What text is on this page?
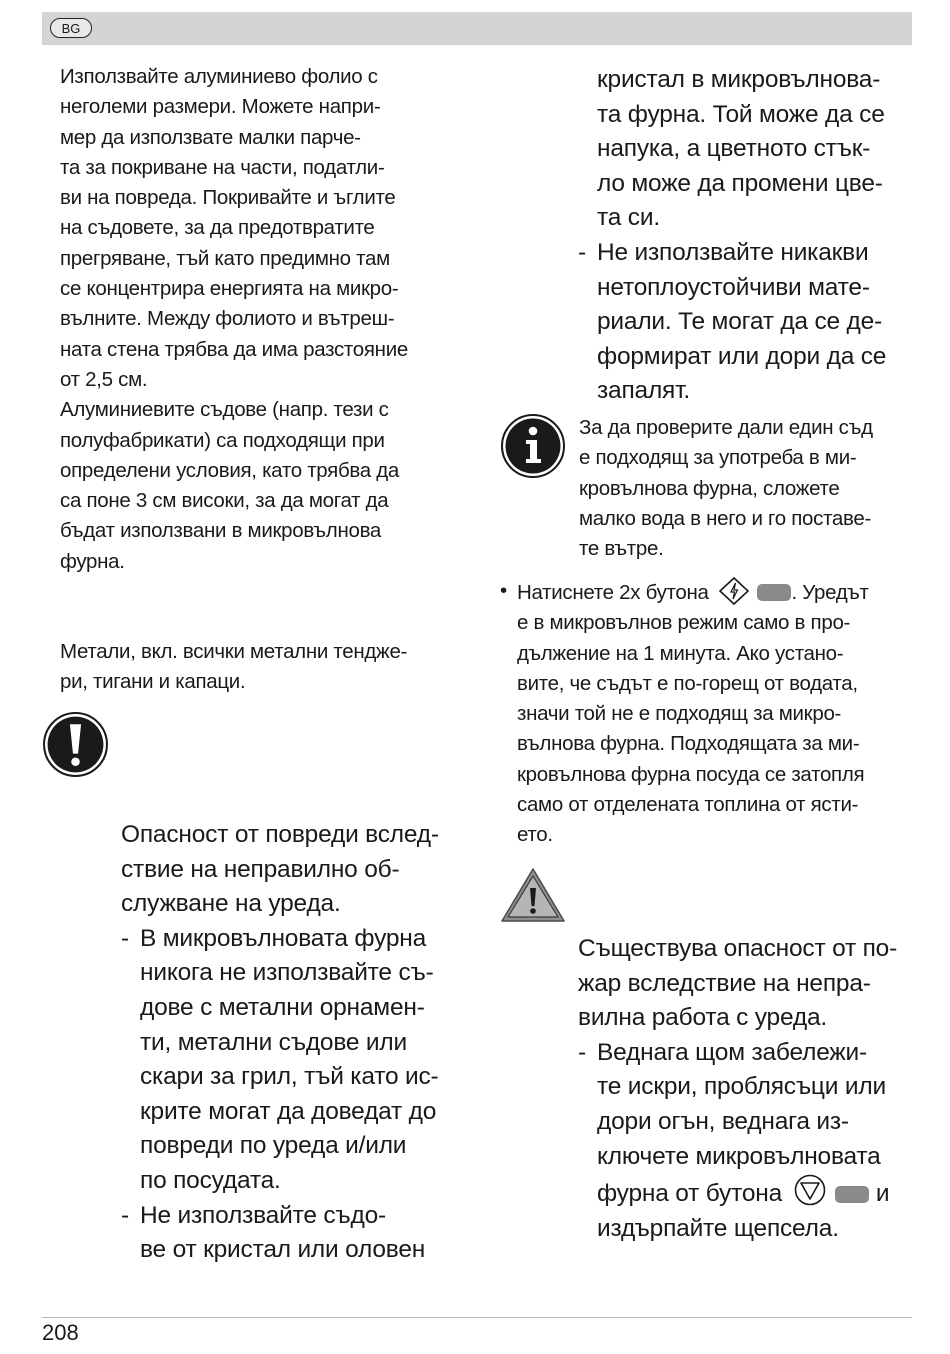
BG

Използвайте алуминиево фолио с
неголеми размери. Можете напри-
мер да използвате малки парче-
та за покриване на части, податли-
ви на повреда. Покривайте и ъглите
на съдовете, за да предотвратите
прегряване, тъй като предимно там
се концентрира енергията на микро-
вълните. Между фолиото и вътреш-
ната стена трябва да има разстояние
от 2,5 см.

Алуминиевите съдове (напр. тези с
полуфабрикати) са подходящи при
определени условия, като трябва да
са поне 3 см високи, за да могат да
бъдат използвани в микровълнова
фурна.

Метали, вкл. всички метални тендже-
ри, тигани и капаци.

Опасност от повреди вслед-
ствие на неправилно об-
служване на уреда.

- В микровълновата фурна
никога не използвайте съ-
дове с метални орнамен-
ти, метални съдове или
скари за грил, тъй като ис-
крите могат да доведат до
повреди по уреда и/или
по посудата.
- Не използвайте съдо-
ве от кристал или оловен

кристал в микровълнова-
та фурна. Той може да се
напука, а цветното стък-
ло може да промени цве-
та си.

- Не използвайте никакви
нетоплоустойчиви мате-
риали. Те могат да се де-
формират или дори да се
запалят.

За да проверите дали един съд
е подходящ за употреба в ми-
кровълнова фурна, сложете
малко вода в него и го поставе-
те вътре.

• Натиснете 2x бутона	. Уредът
е в микровълнов режим само в про-
дължение на 1 минута. Ако устано-
вите, че съдът е по-горещ от водата,
значи той не е подходящ за микро-
вълнова фурна. Подходящата за ми-
кровълнова фурна посуда се затопля
само от отделената топлина от ясти-
ето.

Съществува опасност от по-
жар вследствие на непра-
вилна работа с уреда.

- Веднага щом забележи-
те искри, проблясъци или
дори огън, веднага из-
ключете микровълновата
фурна от бутона	и
издърпайте щепсела.
208
